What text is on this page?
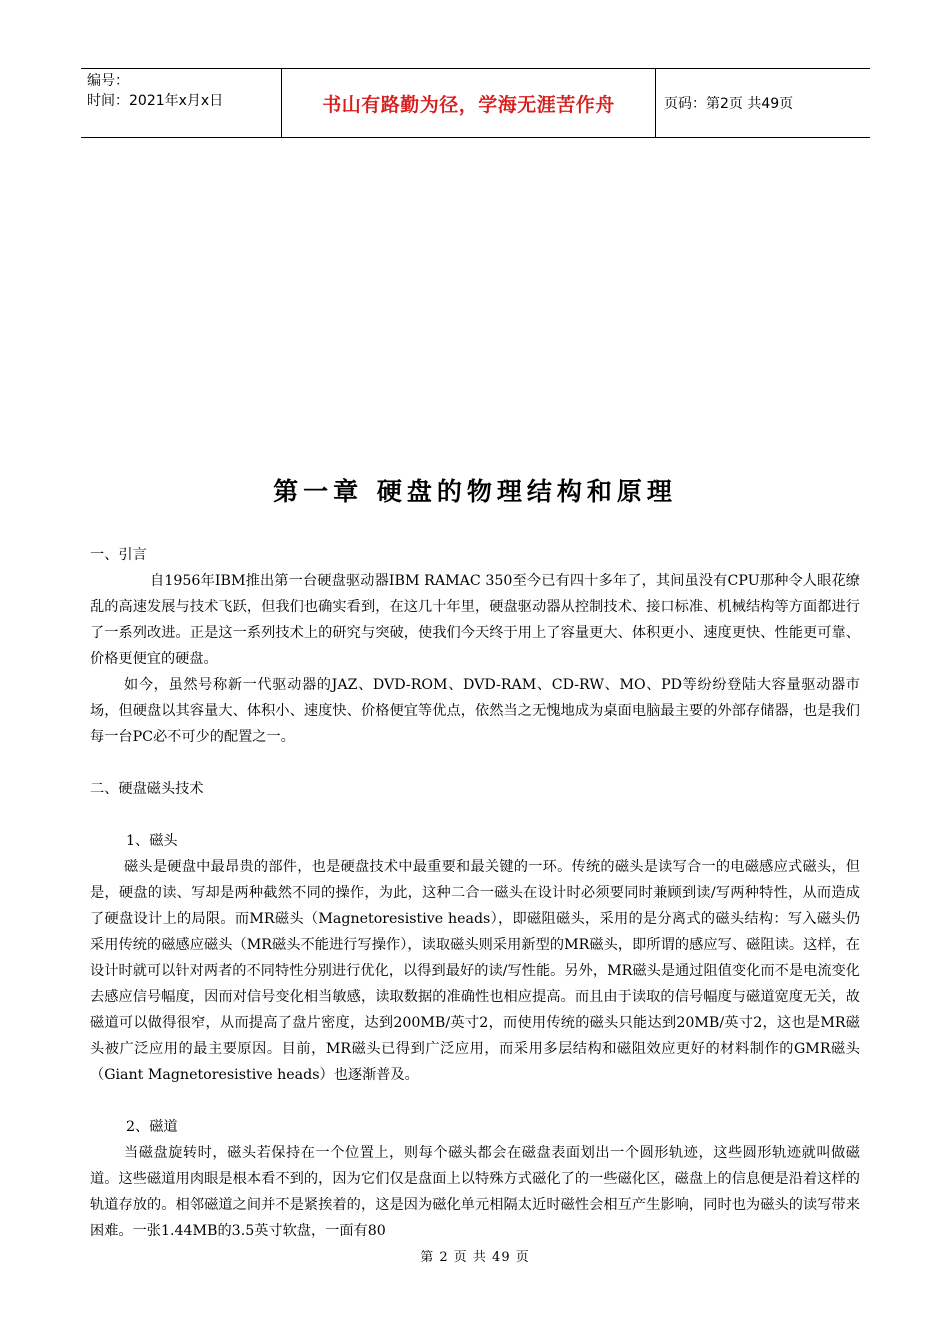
编号：
时间：2021年x月x日	书山有路勤为径，学海无涯苦作舟	页码：第2页 共49页
第一章 硬盘的物理结构和原理

一、引言

自1956年IBM推出第一台硬盘驱动器IBM RAMAC 350至今已有四十多年了，其间虽没有CPU那种令人眼花缭乱的高速发展与技术飞跃，但我们也确实看到，在这几十年里，硬盘驱动器从控制技术、接口标准、机械结构等方面都进行了一系列改进。正是这一系列技术上的研究与突破，使我们今天终于用上了容量更大、体积更小、速度更快、性能更可靠、价格更便宜的硬盘。

如今，虽然号称新一代驱动器的JAZ、DVD-ROM、DVD-RAM、CD-RW、MO、PD等纷纷登陆大容量驱动器市场，但硬盘以其容量大、体积小、速度快、价格便宜等优点，依然当之无愧地成为桌面电脑最主要的外部存储器，也是我们每一台PC必不可少的配置之一。

二、硬盘磁头技术

1、磁头

磁头是硬盘中最昂贵的部件，也是硬盘技术中最重要和最关键的一环。传统的磁头是读写合一的电磁感应式磁头，但是，硬盘的读、写却是两种截然不同的操作，为此，这种二合一磁头在设计时必须要同时兼顾到读/写两种特性，从而造成了硬盘设计上的局限。而MR磁头（Magnetoresistive heads），即磁阻磁头，采用的是分离式的磁头结构：写入磁头仍采用传统的磁感应磁头（MR磁头不能进行写操作），读取磁头则采用新型的MR磁头，即所谓的感应写、磁阻读。这样，在设计时就可以针对两者的不同特性分别进行优化，以得到最好的读/写性能。另外，MR磁头是通过阻值变化而不是电流变化去感应信号幅度，因而对信号变化相当敏感，读取数据的准确性也相应提高。而且由于读取的信号幅度与磁道宽度无关，故磁道可以做得很窄，从而提高了盘片密度，达到200MB/英寸2，而使用传统的磁头只能达到20MB/英寸2，这也是MR磁头被广泛应用的最主要原因。目前，MR磁头已得到广泛应用，而采用多层结构和磁阻效应更好的材料制作的GMR磁头（Giant Magnetoresistive heads）也逐渐普及。

2、磁道

当磁盘旋转时，磁头若保持在一个位置上，则每个磁头都会在磁盘表面划出一个圆形轨迹，这些圆形轨迹就叫做磁道。这些磁道用肉眼是根本看不到的，因为它们仅是盘面上以特殊方式磁化了的一些磁化区，磁盘上的信息便是沿着这样的轨道存放的。相邻磁道之间并不是紧挨着的，这是因为磁化单元相隔太近时磁性会相互产生影响，同时也为磁头的读写带来困难。一张1.44MB的3.5英寸软盘，一面有80

第 2 页 共 49 页
